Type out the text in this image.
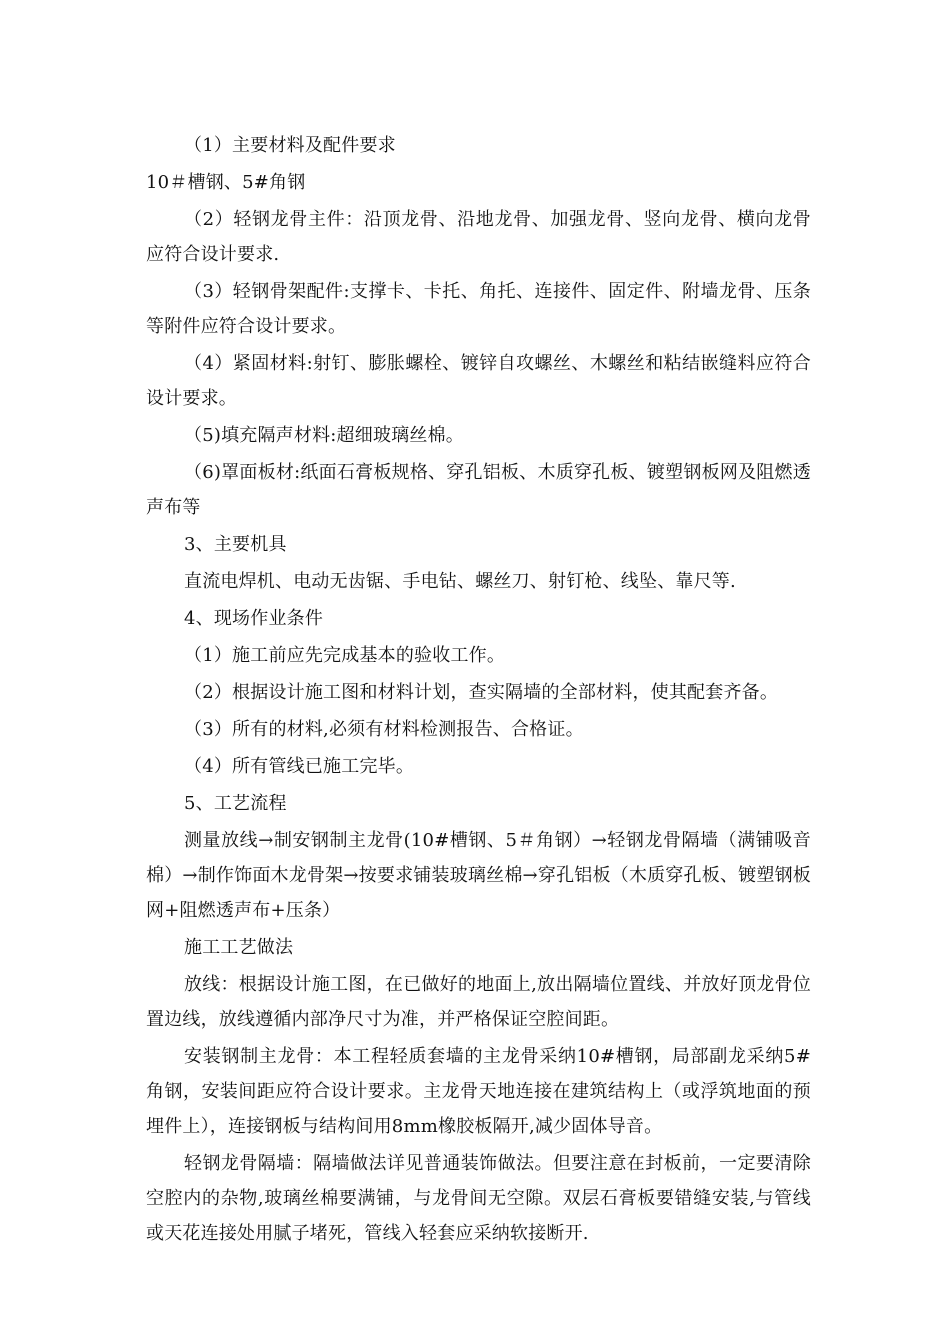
（1）主要材料及配件要求

10＃槽钢、5#角钢

（2）轻钢龙骨主件：沿顶龙骨、沿地龙骨、加强龙骨、竖向龙骨、横向龙骨应符合设计要求.

（3）轻钢骨架配件:支撑卡、卡托、角托、连接件、固定件、附墙龙骨、压条等附件应符合设计要求。

（4）紧固材料:射钉、膨胀螺栓、镀锌自攻螺丝、木螺丝和粘结嵌缝料应符合设计要求。

（5)填充隔声材料:超细玻璃丝棉。

（6)罩面板材:纸面石膏板规格、穿孔铝板、木质穿孔板、镀塑钢板网及阻燃透声布等

3、主要机具

直流电焊机、电动无齿锯、手电钻、螺丝刀、射钉枪、线坠、靠尺等.

4、现场作业条件

（1）施工前应先完成基本的验收工作。

（2）根据设计施工图和材料计划，查实隔墙的全部材料，使其配套齐备。

（3）所有的材料,必须有材料检测报告、合格证。

（4）所有管线已施工完毕。

5、工艺流程

测量放线→制安钢制主龙骨(10#槽钢、5＃角钢）→轻钢龙骨隔墙（满铺吸音棉）→制作饰面木龙骨架→按要求铺装玻璃丝棉→穿孔铝板（木质穿孔板、镀塑钢板网+阻燃透声布+压条）

施工工艺做法

放线：根据设计施工图，在已做好的地面上,放出隔墙位置线、并放好顶龙骨位置边线，放线遵循内部净尺寸为准，并严格保证空腔间距。

安装钢制主龙骨：本工程轻质套墙的主龙骨采纳10#槽钢，局部副龙采纳5#角钢，安装间距应符合设计要求。主龙骨天地连接在建筑结构上（或浮筑地面的预埋件上），连接钢板与结构间用8mm橡胶板隔开,减少固体导音。

轻钢龙骨隔墙：隔墙做法详见普通装饰做法。但要注意在封板前，一定要清除空腔内的杂物,玻璃丝棉要满铺，与龙骨间无空隙。双层石膏板要错缝安装,与管线或天花连接处用腻子堵死，管线入轻套应采纳软接断开.
